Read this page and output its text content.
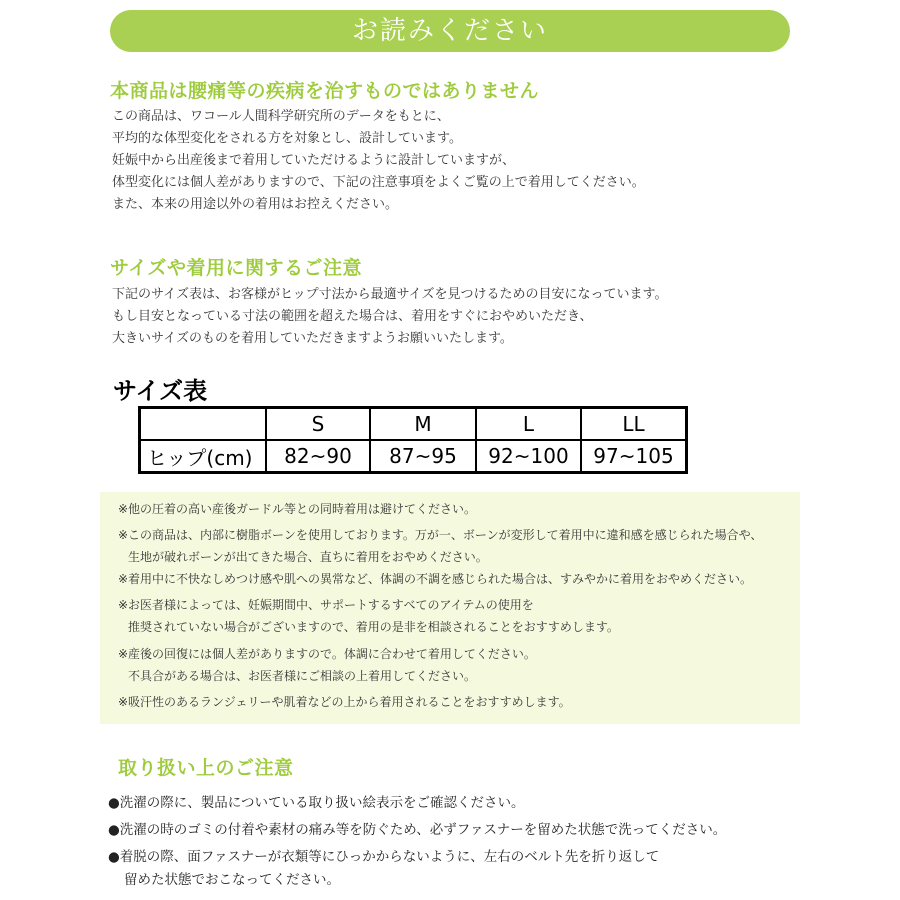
お読みください
本商品は腰痛等の疾病を治すものではありません
この商品は、ワコール人間科学研究所のデータをもとに、
平均的な体型変化をされる方を対象とし、設計しています。
妊娠中から出産後まで着用していただけるように設計していますが、
体型変化には個人差がありますので、下記の注意事項をよくご覧の上で着用してください。
また、本来の用途以外の着用はお控えください。
サイズや着用に関するご注意
下記のサイズ表は、お客様がヒップ寸法から最適サイズを見つけるための目安になっています。
もし目安となっている寸法の範囲を超えた場合は、着用をすぐにおやめいただき、
大きいサイズのものを着用していただきますようお願いいたします。
サイズ表
	S	M	L	LL
ヒップ(cm)	82~90	87~95	92~100	97~105
※他の圧着の高い産後ガードル等との同時着用は避けてください。
※この商品は、内部に樹脂ボーンを使用しております。万が一、ボーンが変形して着用中に違和感を感じられた場合や、
生地が破れボーンが出てきた場合、直ちに着用をおやめください。
※着用中に不快なしめつけ感や肌への異常など、体調の不調を感じられた場合は、すみやかに着用をおやめください。
※お医者様によっては、妊娠期間中、サポートするすべてのアイテムの使用を
推奨されていない場合がございますので、着用の是非を相談されることをおすすめします。
※産後の回復には個人差がありますので。体調に合わせて着用してください。
不具合がある場合は、お医者様にご相談の上着用してください。
※吸汗性のあるランジェリーや肌着などの上から着用されることをおすすめします。
取り扱い上のご注意
●洗濯の際に、製品についている取り扱い絵表示をご確認ください。
●洗濯の時のゴミの付着や素材の痛み等を防ぐため、必ずファスナーを留めた状態で洗ってください。
●着脱の際、面ファスナーが衣類等にひっかからないように、左右のベルト先を折り返して
留めた状態でおこなってください。
